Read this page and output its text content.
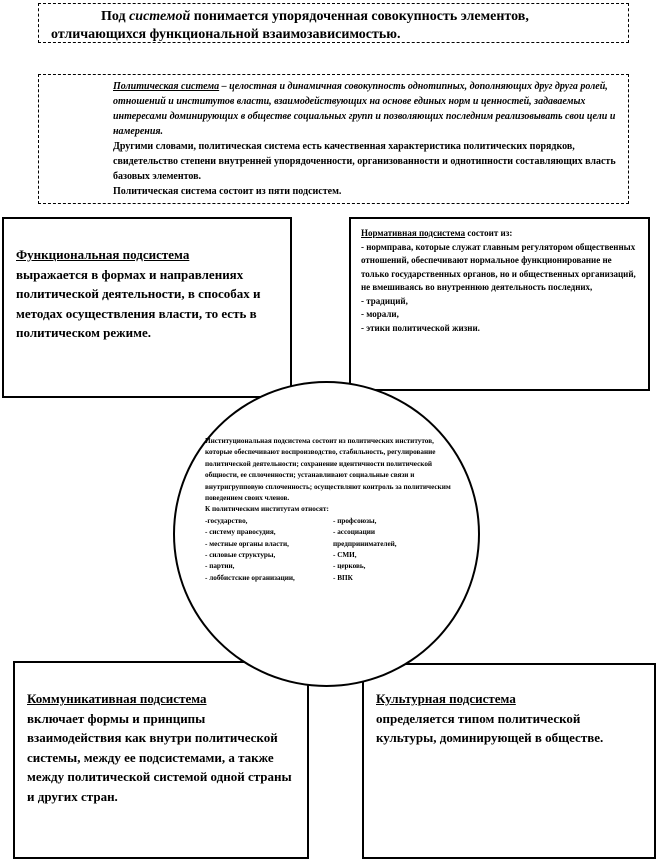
Под системой понимается упорядоченная совокупность элементов,

отличающихся функциональной взаимозависимостью.

Политическая система – целостная и динамичная совокупность однотипных, дополняющих друг друга ролей, отношений и институтов власти, взаимодействующих на основе единых норм и ценностей, задаваемых интересами доминирующих в обществе социальных групп и позволяющих последним реализовывать свои цели и намерения.

Другими словами, политическая система есть качественная характеристика политических порядков, свидетельство степени внутренней упорядоченности, организованности и однотипности составляющих власть базовых элементов.

Политическая система состоит из пяти подсистем.

Функциональная подсистема

выражается в формах и направлениях политической деятельности, в способах и методах осуществления власти, то есть в политическом режиме.

Нормативная подсистема состоит из:

- нормправа, которые служат главным регулятором общественных отношений, обеспечивают нормальное функционирование не только государственных органов, но и общественных организаций, не вмешиваясь во внутреннюю деятельность последних,

- традиций,

- морали,

- этики политической жизни.

Коммуникативная подсистема

включает формы и принципы взаимодействия как внутри политической системы, между ее подсистемами, а также между политической системой одной страны и других стран.

Культурная подсистема

определяется типом политической культуры, доминирующей в обществе.

Институциональная подсистема состоит из политических институтов, которые обеспечивают воспроизводство, стабильность, регулирование политической деятельности; сохранение идентичности политической общности, ее сплоченности; устанавливают социальные связи и внутригрупповую сплоченность; осуществляют контроль за политическим поведением своих членов.

К политическим институтам относят:

-государство,	- профсоюзы,
- систему правосудия,	- ассоциации
- местные органы власти,	предпринимателей,
- силовые структуры,	- СМИ,
- партии,	- церковь,
- лоббистские организации,	- ВПК
